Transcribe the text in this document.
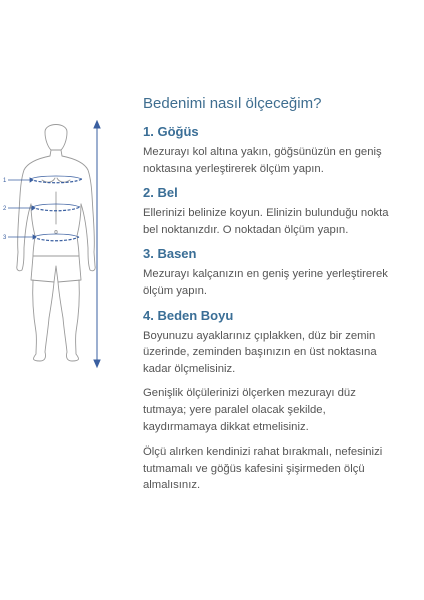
1
2
3
Bedenimi nasıl ölçeceğim?
1. Göğüs
Mezurayı kol altına yakın, göğsünüzün en geniş
noktasına yerleştirerek ölçüm yapın.
2. Bel
Ellerinizi belinize koyun. Elinizin bulunduğu nokta
bel noktanızdır. O noktadan ölçüm yapın.
3. Basen
Mezurayı kalçanızın en geniş yerine yerleştirerek
ölçüm yapın.
4. Beden Boyu
Boyunuzu ayaklarınız çıplakken, düz bir zemin
üzerinde, zeminden başınızın en üst noktasına
kadar ölçmelisiniz.
Genişlik ölçülerinizi ölçerken mezurayı düz
tutmaya; yere paralel olacak şekilde,
kaydırmamaya dikkat etmelisiniz.
Ölçü alırken kendinizi rahat bırakmalı, nefesinizi
tutmamalı ve göğüs kafesini şişirmeden ölçü
almalısınız.
